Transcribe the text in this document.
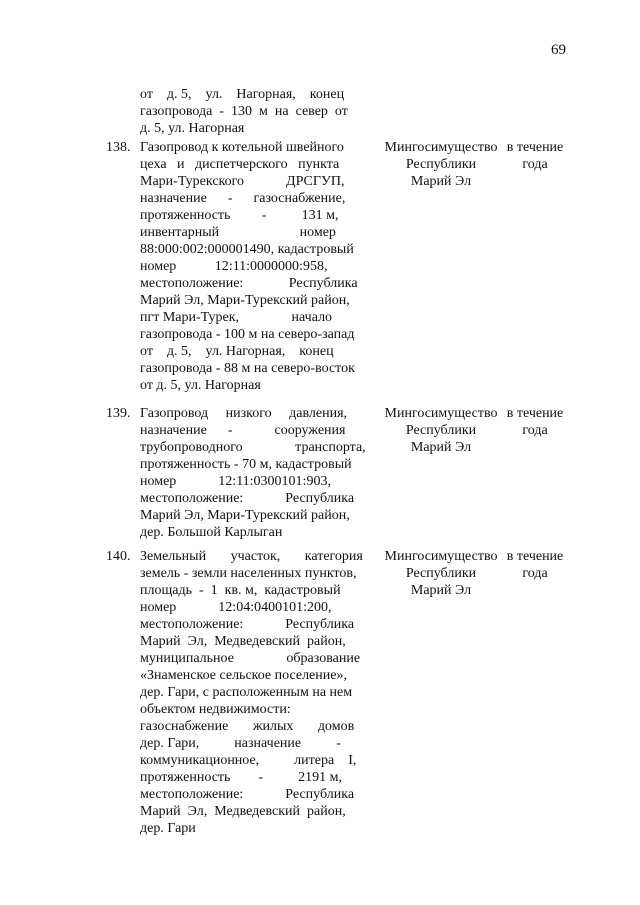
69
от    д. 5,    ул.    Нагорная,    конец
газопровода  -  130  м  на  север  от
д. 5, ул. Нагорная
138. Газопровод к котельной швейного
цеха   и   диспетчерского   пункта
Мари-Турекского            ДРСГУП,
назначение      -      газоснабжение,
протяженность         -          131 м,
инвентарный                       номер
88:000:002:000001490, кадастровый
номер           12:11:0000000:958,
местоположение:             Республика
Марий Эл, Мари-Турекский район,
пгт Мари-Турек,               начало
газопровода - 100 м на северо-запад
от    д. 5,    ул. Нагорная,    конец
газопровода - 88 м на северо-восток
от д. 5, ул. Нагорная
Мингосимущество
Республики
Марий Эл
в течение
года
139. Газопровод     низкого     давления,
назначение      -            сооружения
трубопроводного               транспорта,
протяженность - 70 м, кадастровый
номер            12:11:0300101:903,
местоположение:            Республика
Марий Эл, Мари-Турекский район,
дер. Большой Карлыган
Мингосимущество
Республики
Марий Эл
в течение
года
140. Земельный       участок,       категория
земель - земли населенных пунктов,
площадь  -  1  кв. м,  кадастровый
номер            12:04:0400101:200,
местоположение:            Республика
Марий  Эл,  Медведевский  район,
муниципальное               образование
«Знаменское сельское поселение»,
дер. Гари, с расположенным на нем
объектом недвижимости:
газоснабжение       жилых       домов
дер. Гари,          назначение          -
коммуникационное,          литера    I,
протяженность        -          2191 м,
местоположение:            Республика
Марий  Эл,  Медведевский  район,
дер. Гари
Мингосимущество
Республики
Марий Эл
в течение
года
